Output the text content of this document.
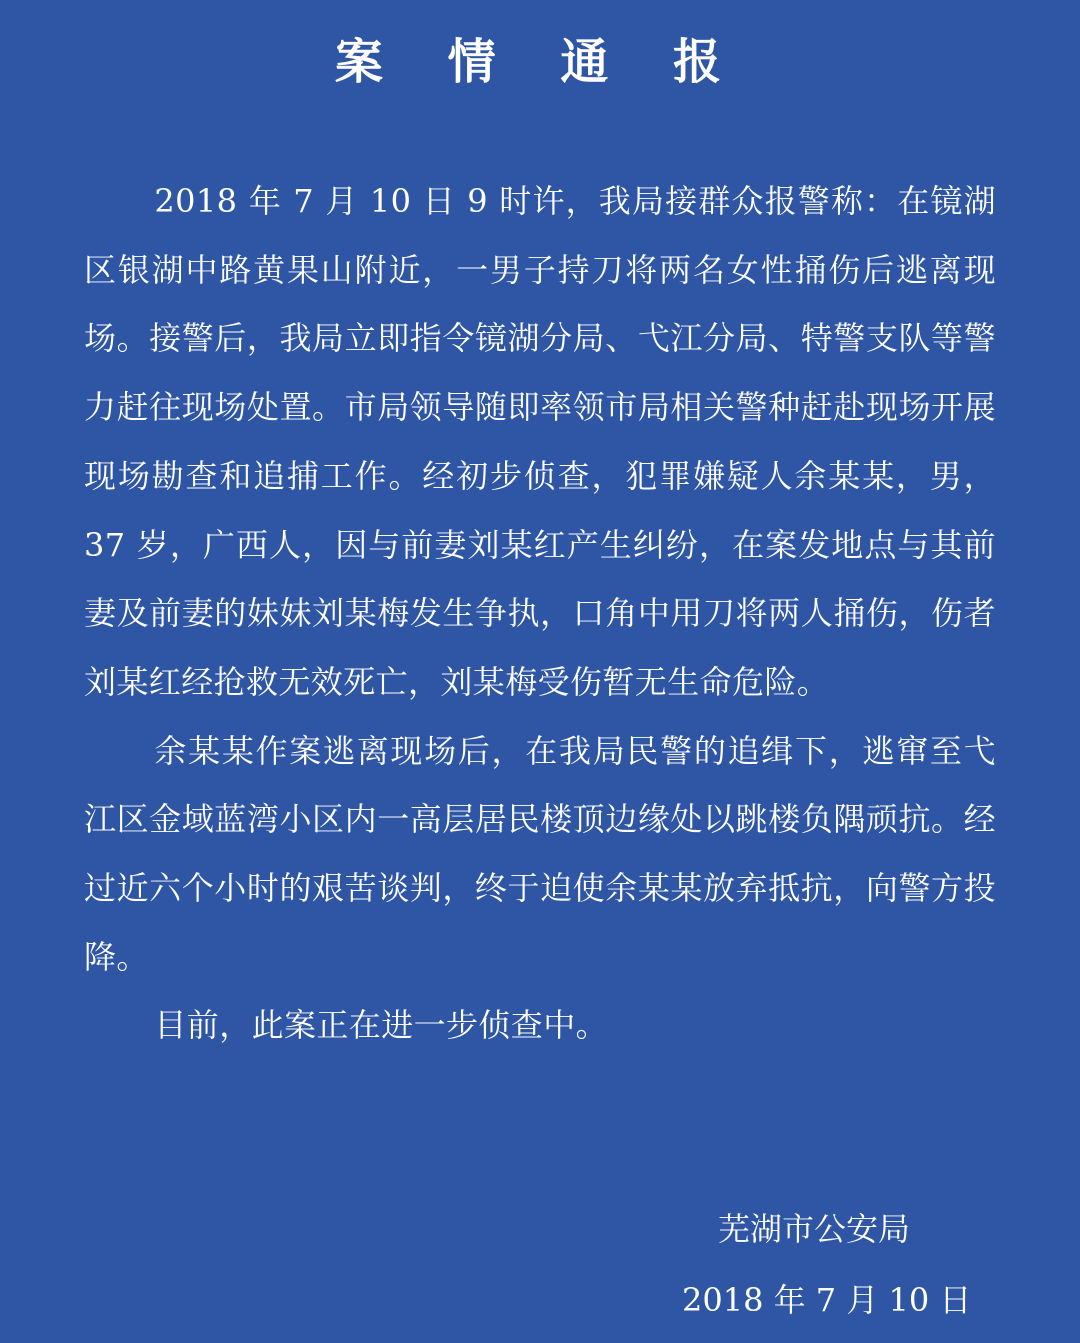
案 情 通 报

2018 年 7 月 10 日 9 时许，我局接群众报警称：在镜湖区银湖中路黄果山附近，一男子持刀将两名女性捅伤后逃离现场。接警后，我局立即指令镜湖分局、弋江分局、特警支队等警力赶往现场处置。市局领导随即率领市局相关警种赶赴现场开展现场勘查和追捕工作。经初步侦查，犯罪嫌疑人余某某，男，37 岁，广西人，因与前妻刘某红产生纠纷，在案发地点与其前妻及前妻的妹妹刘某梅发生争执，口角中用刀将两人捅伤，伤者刘某红经抢救无效死亡，刘某梅受伤暂无生命危险。

余某某作案逃离现场后，在我局民警的追缉下，逃窜至弋江区金域蓝湾小区内一高层居民楼顶边缘处以跳楼负隅顽抗。经过近六个小时的艰苦谈判，终于迫使余某某放弃抵抗，向警方投降。

目前，此案正在进一步侦查中。

芜湖市公安局
2018 年 7 月 10 日
